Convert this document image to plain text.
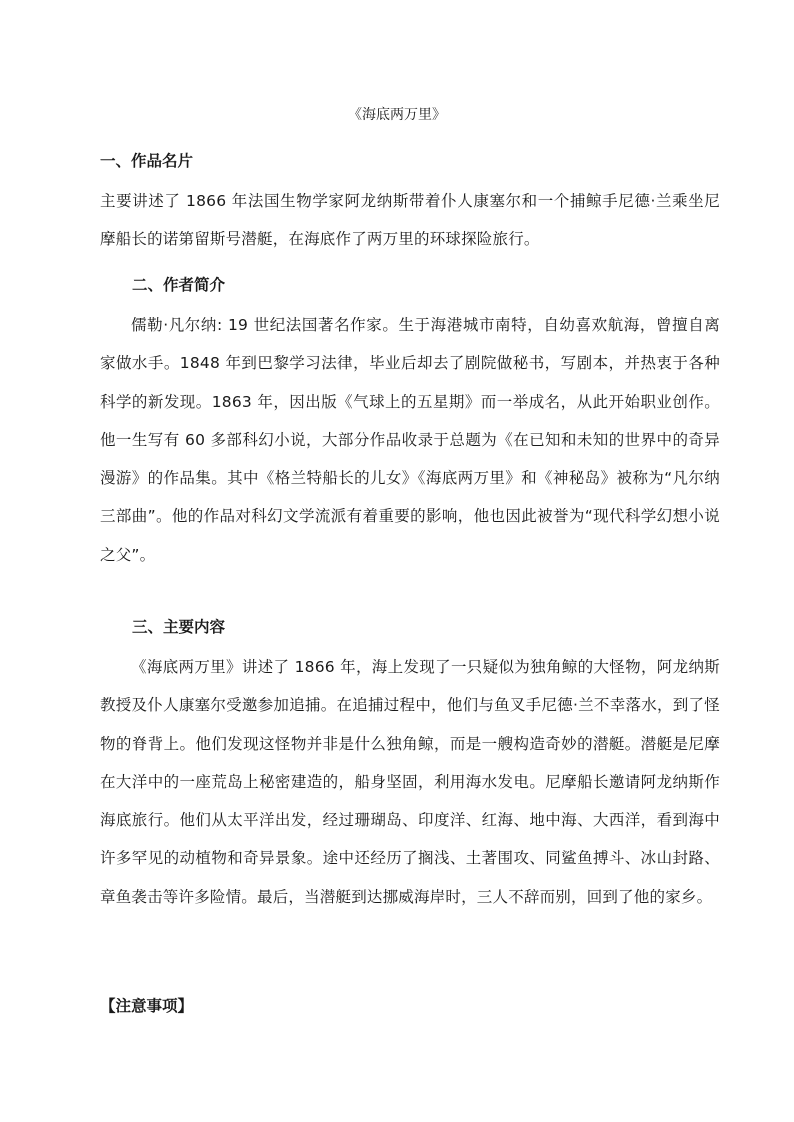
《海底两万里》
一、作品名片
主要讲述了 1866 年法国生物学家阿龙纳斯带着仆人康塞尔和一个捕鲸手尼德·兰乘坐尼摩船长的诺第留斯号潜艇，在海底作了两万里的环球探险旅行。
二、作者简介
儒勒·凡尔纳: 19 世纪法国著名作家。生于海港城市南特，自幼喜欢航海，曾擅自离家做水手。1848 年到巴黎学习法律，毕业后却去了剧院做秘书，写剧本，并热衷于各种科学的新发现。1863 年，因出版《气球上的五星期》而一举成名，从此开始职业创作。他一生写有 60 多部科幻小说，大部分作品收录于总题为《在已知和未知的世界中的奇异漫游》的作品集。其中《格兰特船长的儿女》《海底两万里》和《神秘岛》被称为“凡尔纳三部曲”。他的作品对科幻文学流派有着重要的影响，他也因此被誉为“现代科学幻想小说之父”。
三、主要内容
《海底两万里》讲述了 1866 年，海上发现了一只疑似为独角鲸的大怪物，阿龙纳斯教授及仆人康塞尔受邀参加追捕。在追捕过程中，他们与鱼叉手尼德·兰不幸落水，到了怪物的脊背上。他们发现这怪物并非是什么独角鲸，而是一艘构造奇妙的潜艇。潜艇是尼摩在大洋中的一座荒岛上秘密建造的，船身坚固，利用海水发电。尼摩船长邀请阿龙纳斯作海底旅行。他们从太平洋出发，经过珊瑚岛、印度洋、红海、地中海、大西洋，看到海中许多罕见的动植物和奇异景象。途中还经历了搁浅、土著围攻、同鲨鱼搏斗、冰山封路、章鱼袭击等许多险情。最后，当潜艇到达挪威海岸时，三人不辞而别，回到了他的家乡。
【注意事项】
